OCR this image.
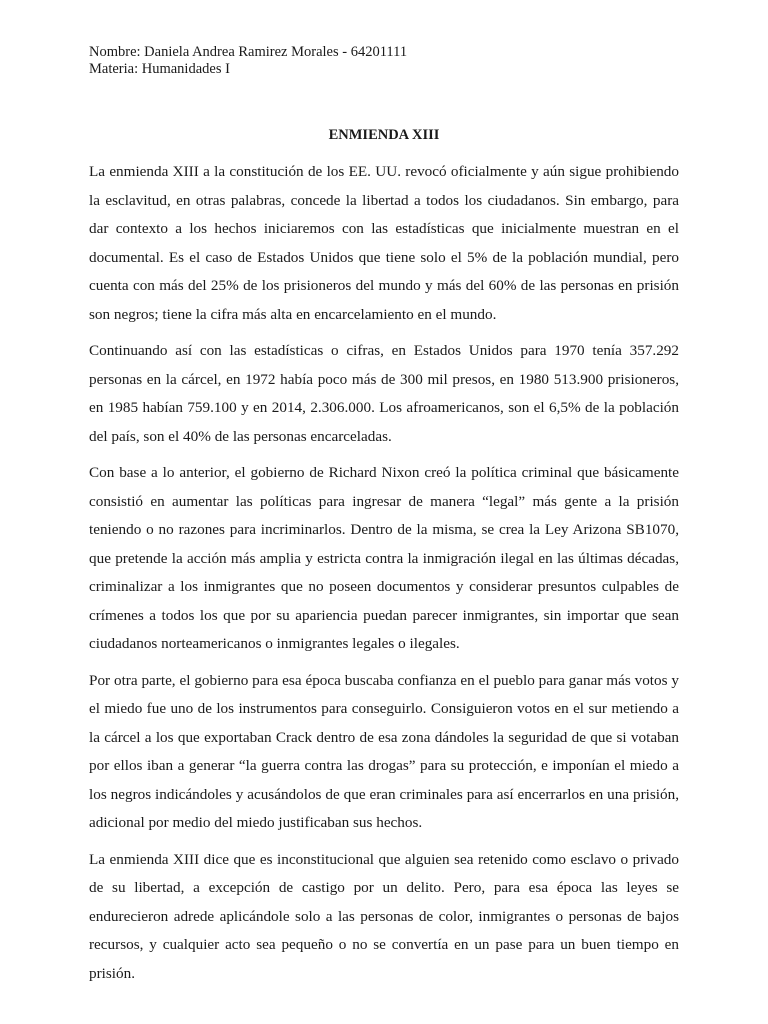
Nombre: Daniela Andrea Ramirez Morales - 64201111

Materia: Humanidades I

ENMIENDA XIII

La enmienda XIII a la constitución de los EE. UU. revocó oficialmente y aún sigue prohibiendo la esclavitud, en otras palabras, concede la libertad a todos los ciudadanos. Sin embargo, para dar contexto a los hechos iniciaremos con las estadísticas que inicialmente muestran en el documental. Es el caso de Estados Unidos que tiene solo el 5% de la población mundial, pero cuenta con más del 25% de los prisioneros del mundo y más del 60% de las personas en prisión son negros; tiene la cifra más alta en encarcelamiento en el mundo.

Continuando así con las estadísticas o cifras, en Estados Unidos para 1970 tenía 357.292 personas en la cárcel, en 1972 había poco más de 300 mil presos, en 1980 513.900 prisioneros, en 1985 habían 759.100 y en 2014, 2.306.000. Los afroamericanos, son el 6,5% de la población del país, son el 40% de las personas encarceladas.

Con base a lo anterior, el gobierno de Richard Nixon creó la política criminal que básicamente consistió en aumentar las políticas para ingresar de manera “legal” más gente a la prisión teniendo o no razones para incriminarlos. Dentro de la misma, se crea la Ley Arizona SB1070, que pretende la acción más amplia y estricta contra la inmigración ilegal en las últimas décadas, criminalizar a los inmigrantes que no poseen documentos y considerar presuntos culpables de crímenes a todos los que por su apariencia puedan parecer inmigrantes, sin importar que sean ciudadanos norteamericanos o inmigrantes legales o ilegales.

Por otra parte, el gobierno para esa época buscaba confianza en el pueblo para ganar más votos y el miedo fue uno de los instrumentos para conseguirlo. Consiguieron votos en el sur metiendo a la cárcel a los que exportaban Crack dentro de esa zona dándoles la seguridad de que si votaban por ellos iban a generar “la guerra contra las drogas” para su protección, e imponían el miedo a los negros indicándoles y acusándolos de que eran criminales para así encerrarlos en una prisión, adicional por medio del miedo justificaban sus hechos.

La enmienda XIII dice que es inconstitucional que alguien sea retenido como esclavo o privado de su libertad, a excepción de castigo por un delito. Pero, para esa época las leyes se endurecieron adrede aplicándole solo a las personas de color, inmigrantes o personas de bajos recursos, y cualquier acto sea pequeño o no se convertía en un pase para un buen tiempo en prisión.
